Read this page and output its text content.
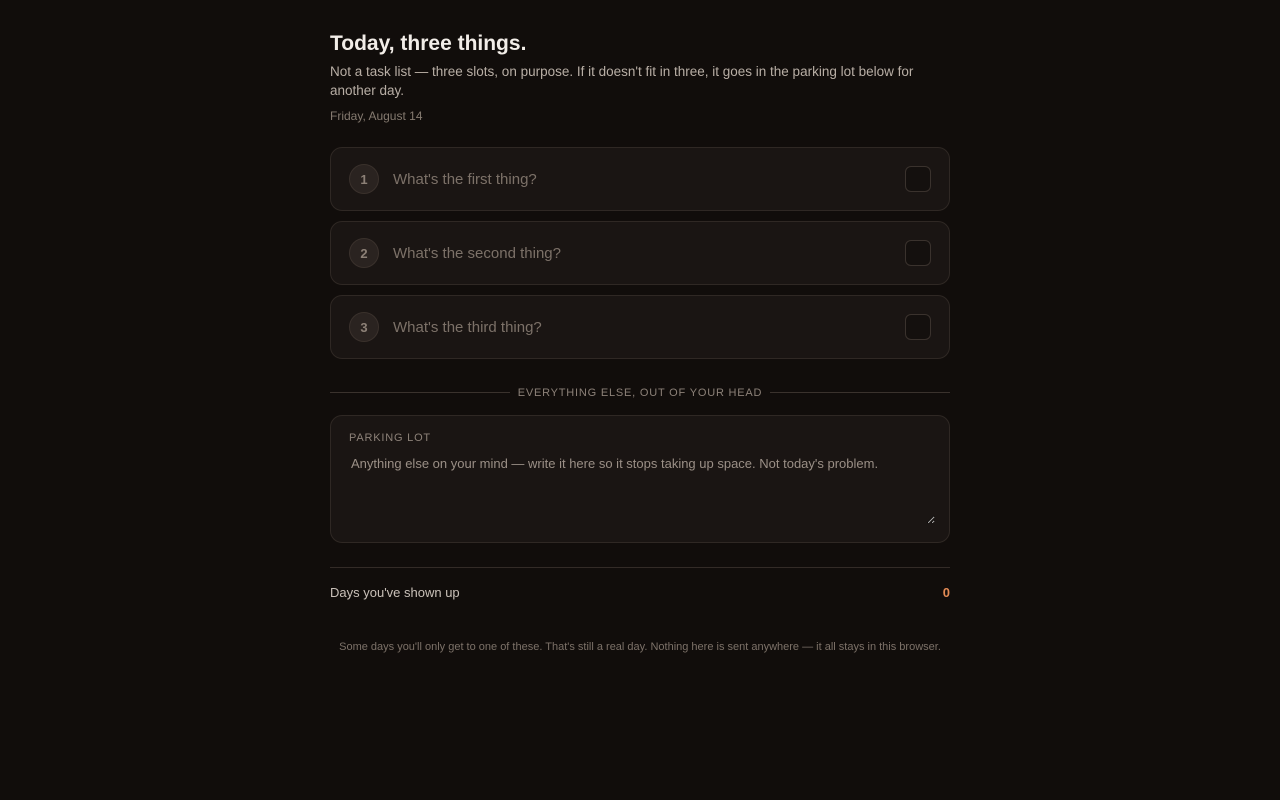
Today, three things.

Not a task list — three slots, on purpose. If it doesn't fit in three, it goes in the parking lot below for another day.

Friday, August 14
1
What's the first thing?
2
What's the second thing?
3
What's the third thing?
EVERYTHING ELSE, OUT OF YOUR HEAD
PARKING LOT
Anything else on your mind — write it here so it stops taking up space. Not today's problem.
Days you've shown up	0
Some days you'll only get to one of these. That's still a real day. Nothing here is sent anywhere — it all stays in this browser.
